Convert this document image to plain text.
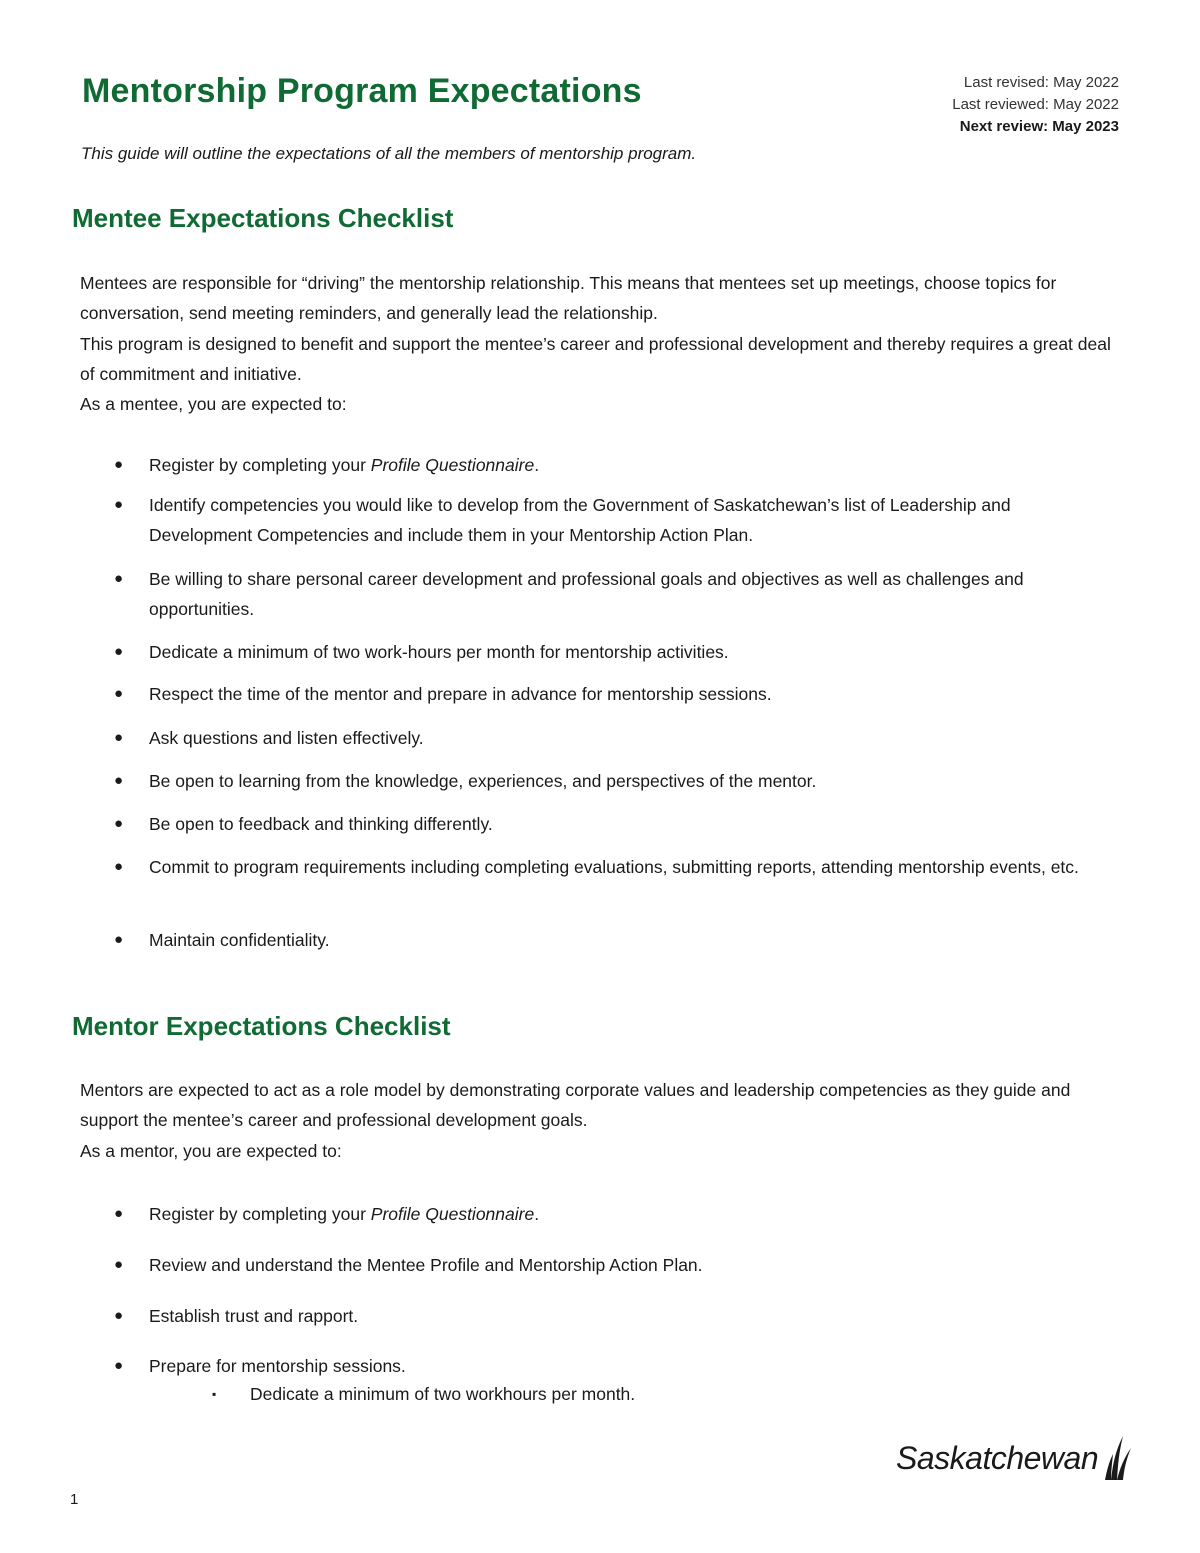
Last revised: May 2022
Last reviewed: May 2022
Next review: May 2023
Mentorship Program Expectations

This guide will outline the expectations of all the members of mentorship program.

Mentee Expectations Checklist
Mentees are responsible for “driving” the mentorship relationship. This means that mentees set up meetings, choose topics for conversation, send meeting reminders, and generally lead the relationship.
This program is designed to benefit and support the mentee’s career and professional development and thereby requires a great deal of commitment and initiative.
As a mentee, you are expected to:
● Register by completing your Profile Questionnaire.
● Identify competencies you would like to develop from the Government of Saskatchewan’s list of Leadership and Development Competencies and include them in your Mentorship Action Plan.
● Be willing to share personal career development and professional goals and objectives as well as challenges and opportunities.
● Dedicate a minimum of two work-hours per month for mentorship activities.
● Respect the time of the mentor and prepare in advance for mentorship sessions.
● Ask questions and listen effectively.
● Be open to learning from the knowledge, experiences, and perspectives of the mentor.
● Be open to feedback and thinking differently.
● Commit to program requirements including completing evaluations, submitting reports, attending mentorship events, etc.
● Maintain confidentiality.
Mentor Expectations Checklist
Mentors are expected to act as a role model by demonstrating corporate values and leadership competencies as they guide and support the mentee’s career and professional development goals.
As a mentor, you are expected to:
● Register by completing your Profile Questionnaire.
● Review and understand the Mentee Profile and Mentorship Action Plan.
● Establish trust and rapport.
● Prepare for mentorship sessions.
▪ Dedicate a minimum of two workhours per month.
Saskatchewan
1
